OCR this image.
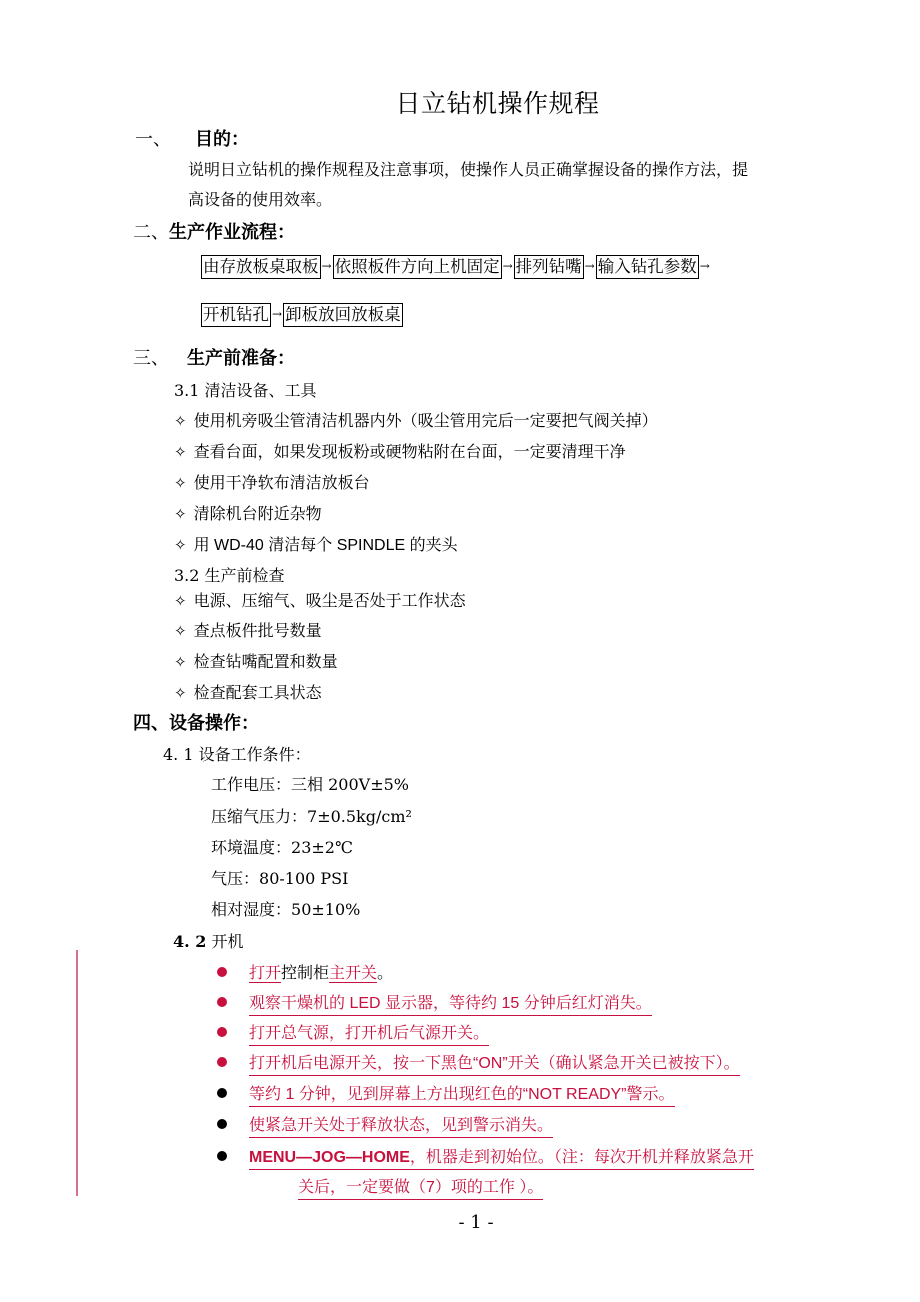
日立钻机操作规程
一、 目的：
说明日立钻机的操作规程及注意事项，使操作人员正确掌握设备的操作方法，提
高设备的使用效率。
二、生产作业流程：
由存放板桌取板 → 依照板件方向上机固定 → 排列钻嘴 → 输入钻孔参数 →
开机钻孔 → 卸板放回放板桌
三、 生产前准备：
3.1 清洁设备、工具
✧ 使用机旁吸尘管清洁机器内外（吸尘管用完后一定要把气阀关掉）
✧ 查看台面，如果发现板粉或硬物粘附在台面，一定要清理干净
✧ 使用干净软布清洁放板台
✧ 清除机台附近杂物
✧ 用 WD-40 清洁每个 SPINDLE 的夹头
3.2 生产前检查
✧ 电源、压缩气、吸尘是否处于工作状态
✧ 查点板件批号数量
✧ 检查钻嘴配置和数量
✧ 检查配套工具状态
四、设备操作：
4. 1 设备工作条件：
工作电压：三相 200V±5%
压缩气压力：7±0.5kg/cm²
环境温度：23±2℃
气压：80-100 PSI
相对湿度：50±10%
4. 2 开机
打开控制柜主开关。
观察干燥机的 LED 显示器，等待约 15 分钟后红灯消失。
打开总气源，打开机后气源开关。
打开机后电源开关，按一下黑色“ON”开关（确认紧急开关已被按下）。
等约 1 分钟，见到屏幕上方出现红色的“NOT READY”警示。
使紧急开关处于释放状态，见到警示消失。
MENU—JOG—HOME，机器走到初始位。（注：每次开机并释放紧急开
关后，一定要做（7）项的工作 ）。
- 1 -
